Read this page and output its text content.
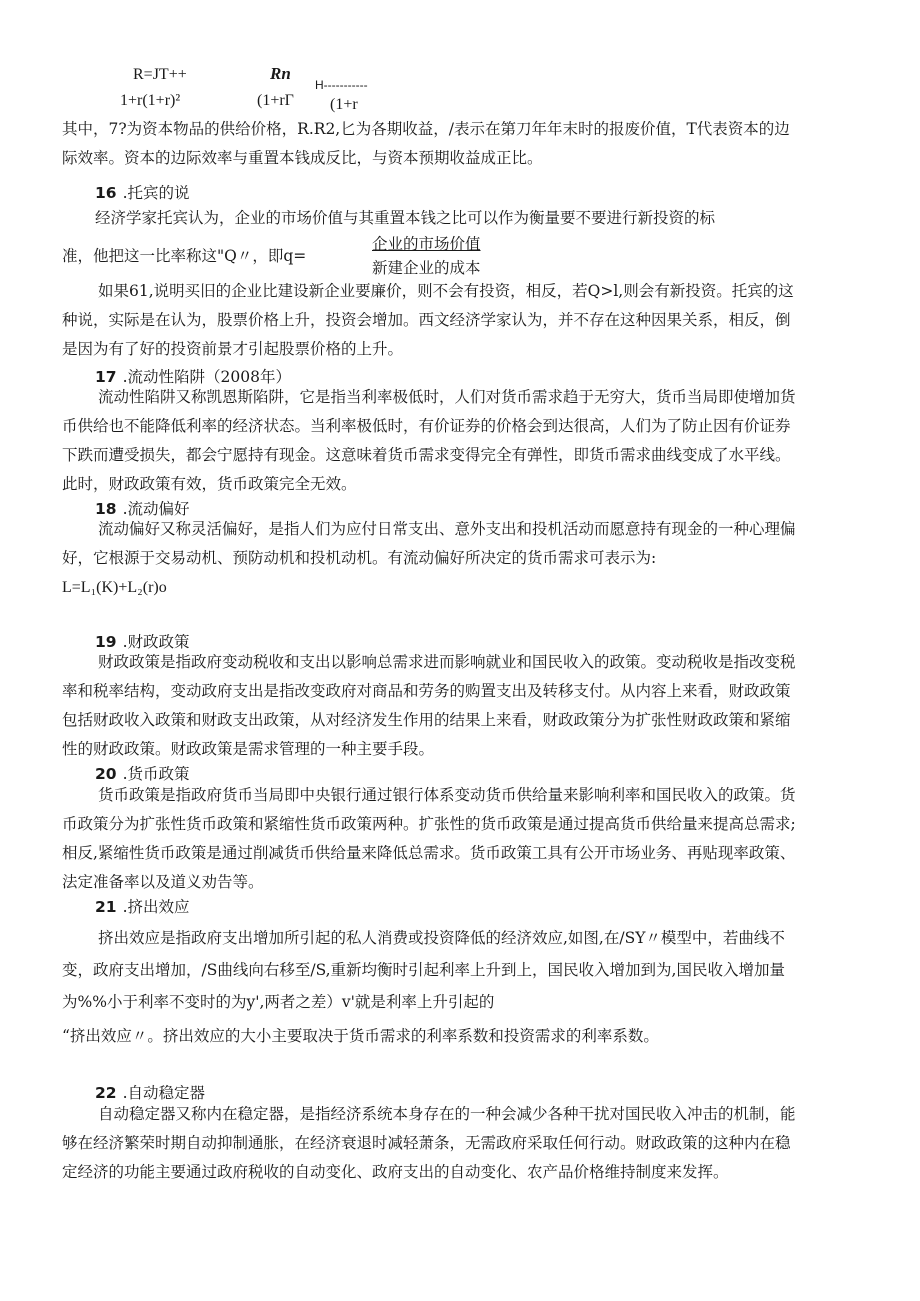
R=JT++
1+r(1+r)²
Rn
(1+rΓ
H-----------
(1+r
其中，7?为资本物品的供给价格，R.R2,匕为各期收益，/表示在第刀年年末时的报废价值，T代表资本的边
际效率。资本的边际效率与重置本钱成反比，与资本预期收益成正比。
16 .托宾的说
经济学家托宾认为，企业的市场价值与其重置本钱之比可以作为衡量要不要进行新投资的标
准，他把这一比率称这"Q〃，即q=
企业的市场价值
新建企业的成本
如果61,说明买旧的企业比建设新企业要廉价，则不会有投资，相反，若Q>l,则会有新投资。托宾的这
种说，实际是在认为，股票价格上升，投资会增加。西文经济学家认为，并不存在这种因果关系，相反，倒
是因为有了好的投资前景才引起股票价格的上升。
17 .流动性陷阱（2008年）
流动性陷阱又称凯恩斯陷阱，它是指当利率极低时，人们对货币需求趋于无穷大，货币当局即使增加货
币供给也不能降低利率的经济状态。当利率极低时，有价证券的价格会到达很高，人们为了防止因有价证券
下跌而遭受损失，都会宁愿持有现金。这意味着货币需求变得完全有弹性，即货币需求曲线变成了水平线。
此时，财政政策有效，货币政策完全无效。
18 .流动偏好
流动偏好又称灵活偏好，是指人们为应付日常支出、意外支出和投机活动而愿意持有现金的一种心理偏
好，它根源于交易动机、预防动机和投机动机。有流动偏好所决定的货币需求可表示为:
L=L₁(K)+L₂(r)o
19 .财政政策
财政政策是指政府变动税收和支出以影响总需求进而影响就业和国民收入的政策。变动税收是指改变税
率和税率结构，变动政府支出是指改变政府对商品和劳务的购置支出及转移支付。从内容上来看，财政政策
包括财政收入政策和财政支出政策，从对经济发生作用的结果上来看，财政政策分为扩张性财政政策和紧缩
性的财政政策。财政政策是需求管理的一种主要手段。
20 .货币政策
货币政策是指政府货币当局即中央银行通过银行体系变动货币供给量来影响利率和国民收入的政策。货
币政策分为扩张性货币政策和紧缩性货币政策两种。扩张性的货币政策是通过提高货币供给量来提高总需求;
相反,紧缩性货币政策是通过削减货币供给量来降低总需求。货币政策工具有公开市场业务、再贴现率政策、
法定准备率以及道义劝告等。
21 .挤出效应
挤出效应是指政府支出增加所引起的私人消费或投资降低的经济效应,如图,在/SY〃模型中，若曲线不
变，政府支出增加，/S曲线向右移至/S,重新均衡时引起利率上升到上，国民收入增加到为,国民收入增加量
为%%小于利率不变时的为y',两者之差）v'就是利率上升引起的
“挤出效应〃。挤出效应的大小主要取决于货币需求的利率系数和投资需求的利率系数。
22 .自动稳定器
自动稳定器又称内在稳定器，是指经济系统本身存在的一种会减少各种干扰对国民收入冲击的机制，能
够在经济繁荣时期自动抑制通胀，在经济衰退时减轻萧条，无需政府采取任何行动。财政政策的这种内在稳
定经济的功能主要通过政府税收的自动变化、政府支出的自动变化、农产品价格维持制度来发挥。
